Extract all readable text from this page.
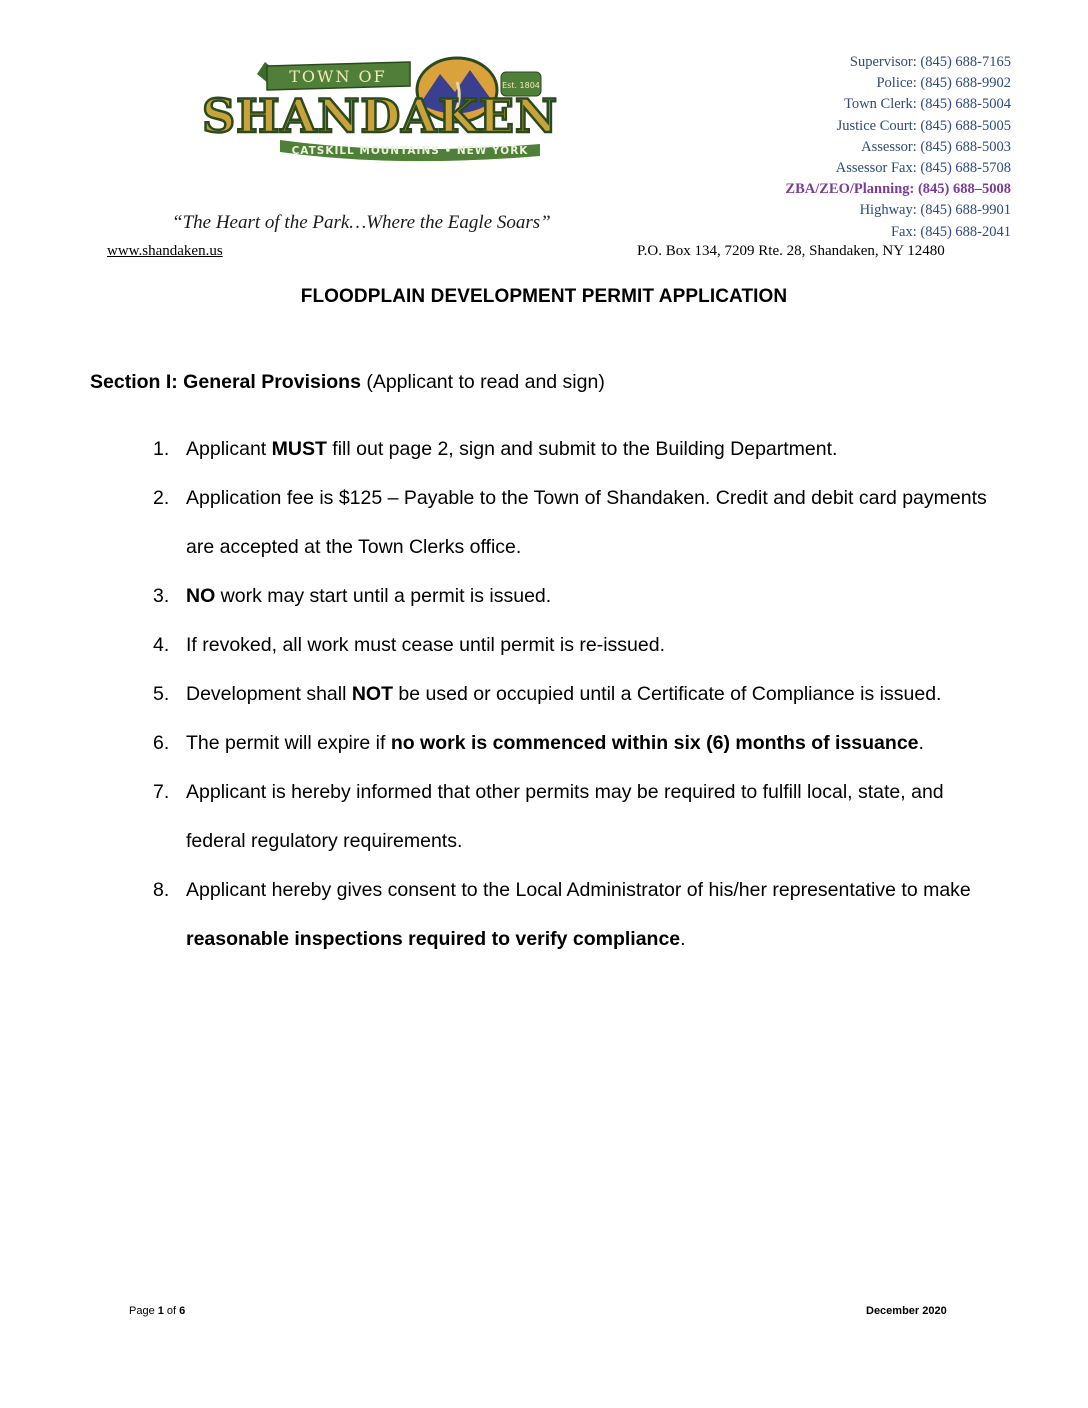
TOWN OF	Est. 1804
SHANDAKEN
CATSKILL MOUNTAINS • NEW YORK
Supervisor: (845) 688-7165
Police: (845) 688-9902
Town Clerk: (845) 688-5004
Justice Court: (845) 688-5005
Assessor: (845) 688-5003
Assessor Fax: (845) 688-5708
ZBA/ZEO/Planning: (845) 688–5008
Highway: (845) 688-9901
Fax: (845) 688-2041
“The Heart of the Park…Where the Eagle Soars”
www.shandaken.us	P.O. Box 134, 7209 Rte. 28, Shandaken, NY 12480
FLOODPLAIN DEVELOPMENT PERMIT APPLICATION
Section I: General Provisions (Applicant to read and sign)
1. Applicant MUST fill out page 2, sign and submit to the Building Department.
2. Application fee is $125 – Payable to the Town of Shandaken. Credit and debit card payments are accepted at the Town Clerks office.
3. NO work may start until a permit is issued.
4. If revoked, all work must cease until permit is re-issued.
5. Development shall NOT be used or occupied until a Certificate of Compliance is issued.
6. The permit will expire if no work is commenced within six (6) months of issuance.
7. Applicant is hereby informed that other permits may be required to fulfill local, state, and federal regulatory requirements.
8. Applicant hereby gives consent to the Local Administrator of his/her representative to make reasonable inspections required to verify compliance.
Page 1 of 6	December 2020
